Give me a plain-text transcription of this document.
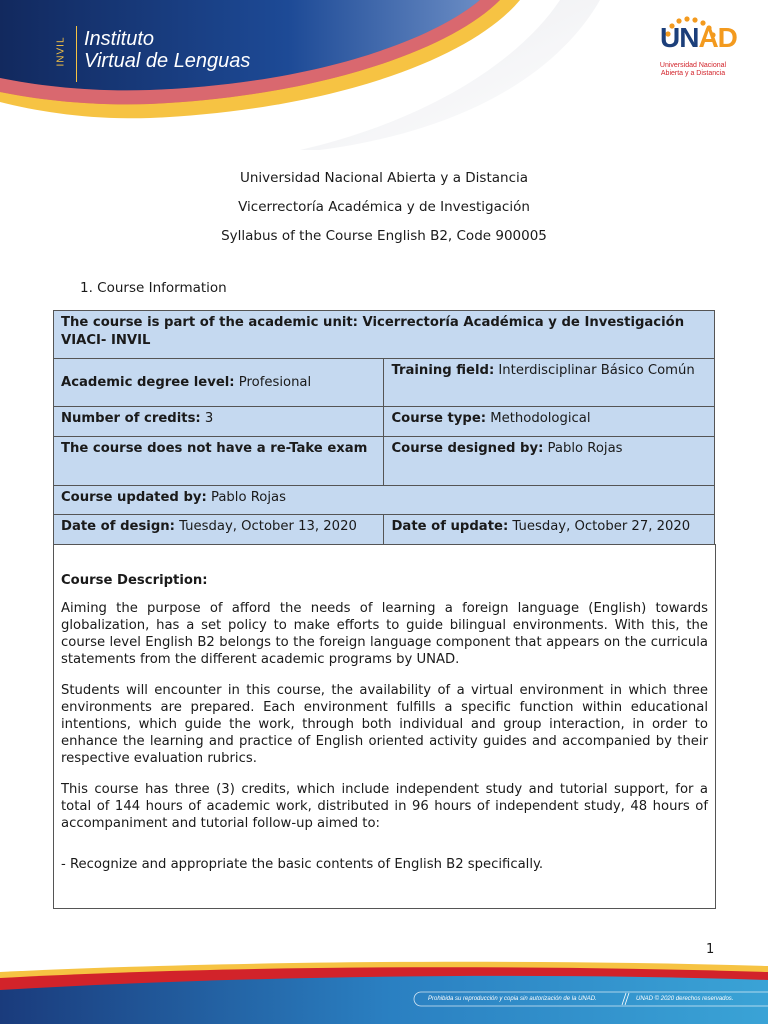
INVIL Instituto
Virtual de Lenguas
UNAD
Universidad Nacional
Abierta y a Distancia
Universidad Nacional Abierta y a Distancia
Vicerrectoría Académica y de Investigación
Syllabus of the Course English B2, Code 900005
1. Course Information
The course is part of the academic unit: Vicerrectoría Académica y de Investigación VIACI- INVIL	
Academic degree level: Profesional	Training field: Interdisciplinar Básico Común
Number of credits: 3	Course type: Methodological
The course does not have a re-Take exam	Course designed by: Pablo Rojas
Course updated by: Pablo Rojas	
Date of design: Tuesday, October 13, 2020	Date of update: Tuesday, October 27, 2020
Course Description:

Aiming the purpose of afford the needs of learning a foreign language (English) towards globalization, has a set policy to make efforts to guide bilingual environments. With this, the course level English B2 belongs to the foreign language component that appears on the curricula statements from the different academic programs by UNAD.

Students will encounter in this course, the availability of a virtual environment in which three environments are prepared. Each environment fulfills a specific function within educational intentions, which guide the work, through both individual and group interaction, in order to enhance the learning and practice of English oriented activity guides and accompanied by their respective evaluation rubrics.

This course has three (3) credits, which include independent study and tutorial support, for a total of 144 hours of academic work, distributed in 96 hours of independent study, 48 hours of accompaniment and tutorial follow-up aimed to:

- Recognize and appropriate the basic contents of English B2 specifically.
1
Prohibida su reproducción y copia sin autorización de la UNAD.	UNAD © 2020 derechos reservados.
